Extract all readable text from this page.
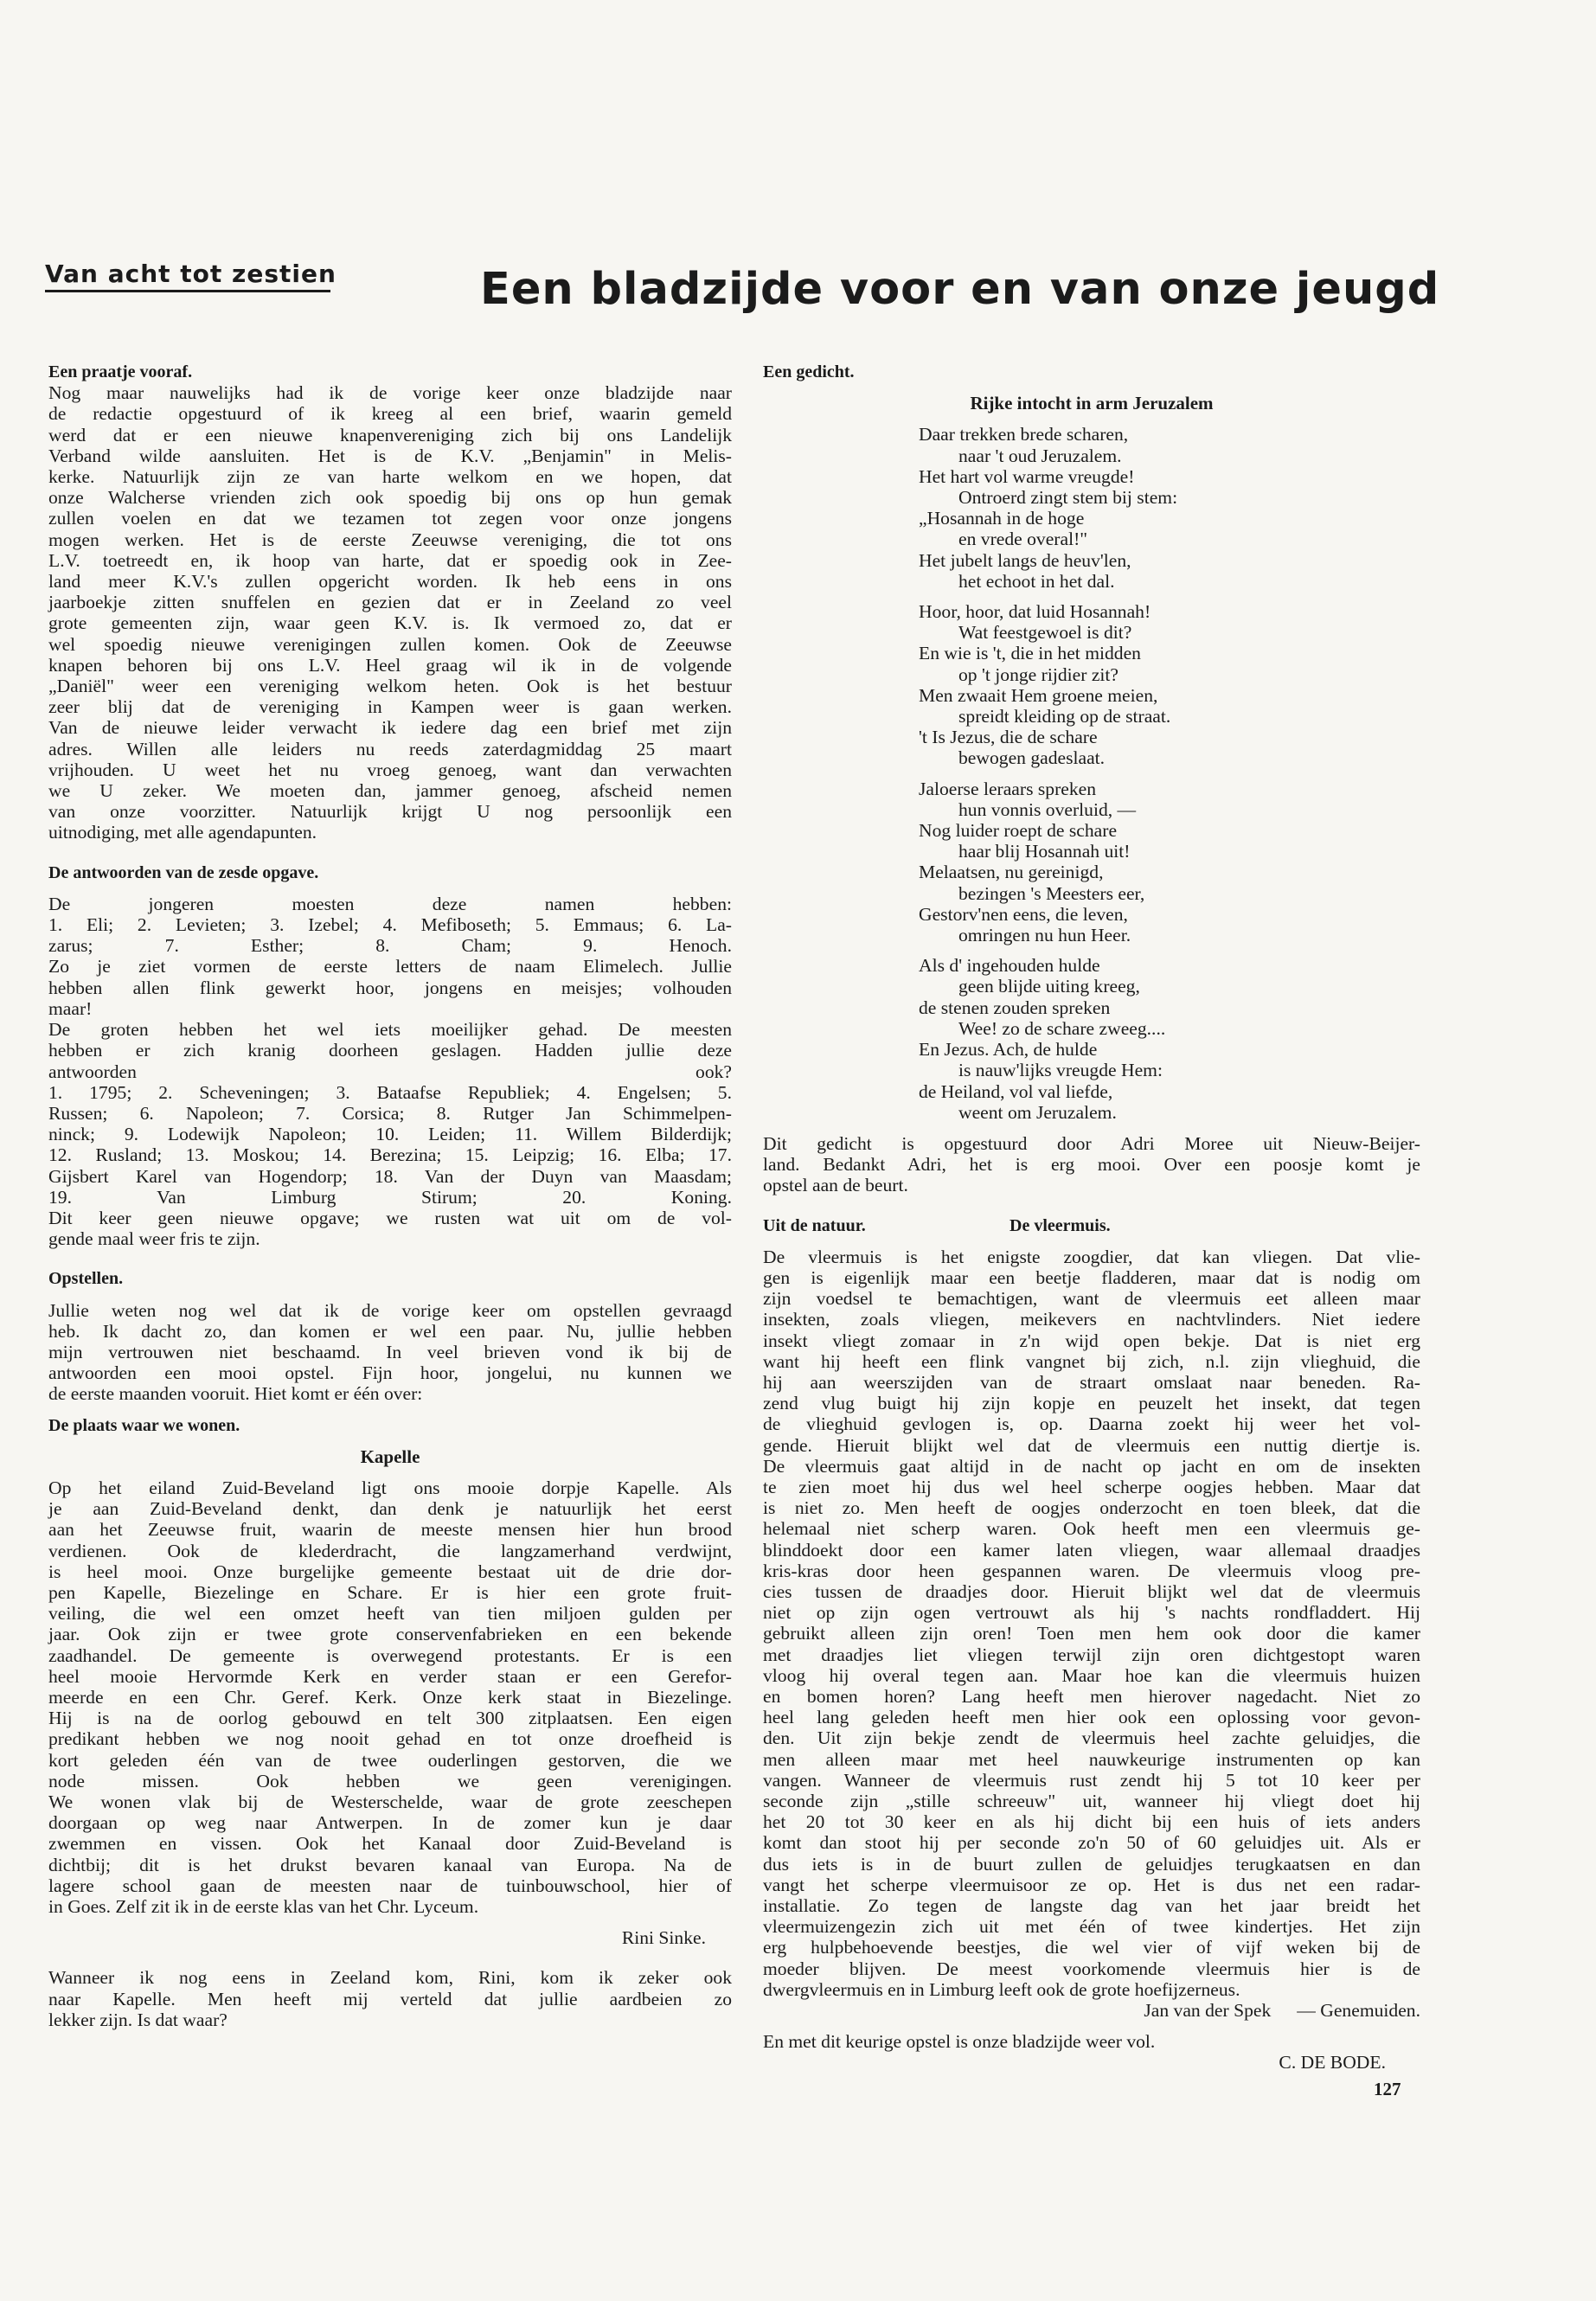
Van acht tot zestien	Een bladzijde voor en van onze jeugd

Een praatje vooraf.

Nog maar nauwelijks had ik de vorige keer onze bladzijde naar
de redactie opgestuurd of ik kreeg al een brief, waarin gemeld
werd dat er een nieuwe knapenvereniging zich bij ons Landelijk
Verband wilde aansluiten. Het is de K.V. „Benjamin" in Melis-
kerke. Natuurlijk zijn ze van harte welkom en we hopen, dat
onze Walcherse vrienden zich ook spoedig bij ons op hun gemak
zullen voelen en dat we tezamen tot zegen voor onze jongens
mogen werken. Het is de eerste Zeeuwse vereniging, die tot ons
L.V. toetreedt en, ik hoop van harte, dat er spoedig ook in Zee-
land meer K.V.'s zullen opgericht worden. Ik heb eens in ons
jaarboekje zitten snuffelen en gezien dat er in Zeeland zo veel
grote gemeenten zijn, waar geen K.V. is. Ik vermoed zo, dat er
wel spoedig nieuwe verenigingen zullen komen. Ook de Zeeuwse
knapen behoren bij ons L.V. Heel graag wil ik in de volgende
„Daniël" weer een vereniging welkom heten. Ook is het bestuur
zeer blij dat de vereniging in Kampen weer is gaan werken.
Van de nieuwe leider verwacht ik iedere dag een brief met zijn
adres. Willen alle leiders nu reeds zaterdagmiddag 25 maart
vrijhouden. U weet het nu vroeg genoeg, want dan verwachten
we U zeker. We moeten dan, jammer genoeg, afscheid nemen
van onze voorzitter. Natuurlijk krijgt U nog persoonlijk een
uitnodiging, met alle agendapunten.

De antwoorden van de zesde opgave.

De jongeren moesten deze namen hebben:
1. Eli; 2. Levieten; 3. Izebel; 4. Mefiboseth; 5. Emmaus; 6. La-
zarus; 7. Esther; 8. Cham; 9. Henoch.
Zo je ziet vormen de eerste letters de naam Elimelech. Jullie
hebben allen flink gewerkt hoor, jongens en meisjes; volhouden
maar!
De groten hebben het wel iets moeilijker gehad. De meesten
hebben er zich kranig doorheen geslagen. Hadden jullie deze
antwoorden ook?
1. 1795; 2. Scheveningen; 3. Bataafse Republiek; 4. Engelsen; 5.
Russen; 6. Napoleon; 7. Corsica; 8. Rutger Jan Schimmelpen-
ninck; 9. Lodewijk Napoleon; 10. Leiden; 11. Willem Bilderdijk;
12. Rusland; 13. Moskou; 14. Berezina; 15. Leipzig; 16. Elba; 17.
Gijsbert Karel van Hogendorp; 18. Van der Duyn van Maasdam;
19. Van Limburg Stirum; 20. Koning.
Dit keer geen nieuwe opgave; we rusten wat uit om de vol-
gende maal weer fris te zijn.

Opstellen.

Jullie weten nog wel dat ik de vorige keer om opstellen gevraagd
heb. Ik dacht zo, dan komen er wel een paar. Nu, jullie hebben
mijn vertrouwen niet beschaamd. In veel brieven vond ik bij de
antwoorden een mooi opstel. Fijn hoor, jongelui, nu kunnen we
de eerste maanden vooruit. Hiet komt er één over:

De plaats waar we wonen.

Kapelle

Op het eiland Zuid-Beveland ligt ons mooie dorpje Kapelle. Als
je aan Zuid-Beveland denkt, dan denk je natuurlijk het eerst
aan het Zeeuwse fruit, waarin de meeste mensen hier hun brood
verdienen. Ook de klederdracht, die langzamerhand verdwijnt,
is heel mooi. Onze burgelijke gemeente bestaat uit de drie dor-
pen Kapelle, Biezelinge en Schare. Er is hier een grote fruit-
veiling, die wel een omzet heeft van tien miljoen gulden per
jaar. Ook zijn er twee grote conservenfabrieken en een bekende
zaadhandel. De gemeente is overwegend protestants. Er is een
heel mooie Hervormde Kerk en verder staan er een Gerefor-
meerde en een Chr. Geref. Kerk. Onze kerk staat in Biezelinge.
Hij is na de oorlog gebouwd en telt 300 zitplaatsen. Een eigen
predikant hebben we nog nooit gehad en tot onze droefheid is
kort geleden één van de twee ouderlingen gestorven, die we
node missen. Ook hebben we geen verenigingen.
We wonen vlak bij de Westerschelde, waar de grote zeeschepen
doorgaan op weg naar Antwerpen. In de zomer kun je daar
zwemmen en vissen. Ook het Kanaal door Zuid-Beveland is
dichtbij; dit is het drukst bevaren kanaal van Europa. Na de
lagere school gaan de meesten naar de tuinbouwschool, hier of
in Goes. Zelf zit ik in de eerste klas van het Chr. Lyceum.

Rini Sinke.

Wanneer ik nog eens in Zeeland kom, Rini, kom ik zeker ook
naar Kapelle. Men heeft mij verteld dat jullie aardbeien zo
lekker zijn. Is dat waar?

Een gedicht.

Rijke intocht in arm Jeruzalem

Daar trekken brede scharen,
naar 't oud Jeruzalem.
Het hart vol warme vreugde!
Ontroerd zingt stem bij stem:
„Hosannah in de hoge
en vrede overal!"
Het jubelt langs de heuv'len,
het echoot in het dal.
Hoor, hoor, dat luid Hosannah!
Wat feestgewoel is dit?
En wie is 't, die in het midden
op 't jonge rijdier zit?
Men zwaait Hem groene meien,
spreidt kleiding op de straat.
't Is Jezus, die de schare
bewogen gadeslaat.
Jaloerse leraars spreken
hun vonnis overluid, —
Nog luider roept de schare
haar blij Hosannah uit!
Melaatsen, nu gereinigd,
bezingen 's Meesters eer,
Gestorv'nen eens, die leven,
omringen nu hun Heer.
Als d' ingehouden hulde
geen blijde uiting kreeg,
de stenen zouden spreken
Wee! zo de schare zweeg....
En Jezus. Ach, de hulde
is nauw'lijks vreugde Hem:
de Heiland, vol val liefde,
weent om Jeruzalem.
Dit gedicht is opgestuurd door Adri Moree uit Nieuw-Beijer-
land. Bedankt Adri, het is erg mooi. Over een poosje komt je
opstel aan de beurt.
Uit de natuur.	De vleermuis.
De vleermuis is het enigste zoogdier, dat kan vliegen. Dat vlie-
gen is eigenlijk maar een beetje fladderen, maar dat is nodig om
zijn voedsel te bemachtigen, want de vleermuis eet alleen maar
insekten, zoals vliegen, meikevers en nachtvlinders. Niet iedere
insekt vliegt zomaar in z'n wijd open bekje. Dat is niet erg
want hij heeft een flink vangnet bij zich, n.l. zijn vlieghuid, die
hij aan weerszijden van de straart omslaat naar beneden. Ra-
zend vlug buigt hij zijn kopje en peuzelt het insekt, dat tegen
de vlieghuid gevlogen is, op. Daarna zoekt hij weer het vol-
gende. Hieruit blijkt wel dat de vleermuis een nuttig diertje is.
De vleermuis gaat altijd in de nacht op jacht en om de insekten
te zien moet hij dus wel heel scherpe oogjes hebben. Maar dat
is niet zo. Men heeft de oogjes onderzocht en toen bleek, dat die
helemaal niet scherp waren. Ook heeft men een vleermuis ge-
blinddoekt door een kamer laten vliegen, waar allemaal draadjes
kris-kras door heen gespannen waren. De vleermuis vloog pre-
cies tussen de draadjes door. Hieruit blijkt wel dat de vleermuis
niet op zijn ogen vertrouwt als hij 's nachts rondfladdert. Hij
gebruikt alleen zijn oren! Toen men hem ook door die kamer
met draadjes liet vliegen terwijl zijn oren dichtgestopt waren
vloog hij overal tegen aan. Maar hoe kan die vleermuis huizen
en bomen horen? Lang heeft men hierover nagedacht. Niet zo
heel lang geleden heeft men hier ook een oplossing voor gevon-
den. Uit zijn bekje zendt de vleermuis heel zachte geluidjes, die
men alleen maar met heel nauwkeurige instrumenten op kan
vangen. Wanneer de vleermuis rust zendt hij 5 tot 10 keer per
seconde zijn „stille schreeuw" uit, wanneer hij vliegt doet hij
het 20 tot 30 keer en als hij dicht bij een huis of iets anders
komt dan stoot hij per seconde zo'n 50 of 60 geluidjes uit. Als er
dus iets is in de buurt zullen de geluidjes terugkaatsen en dan
vangt het scherpe vleermuisoor ze op. Het is dus net een radar-
installatie. Zo tegen de langste dag van het jaar breidt het
vleermuizengezin zich uit met één of twee kindertjes. Het zijn
erg hulpbehoevende beestjes, die wel vier of vijf weken bij de
moeder blijven. De meest voorkomende vleermuis hier is de
dwergvleermuis en in Limburg leeft ook de grote hoefijzerneus.
Jan van der Spek — Genemuiden.

En met dit keurige opstel is onze bladzijde weer vol.

C. DE BODE.

127
